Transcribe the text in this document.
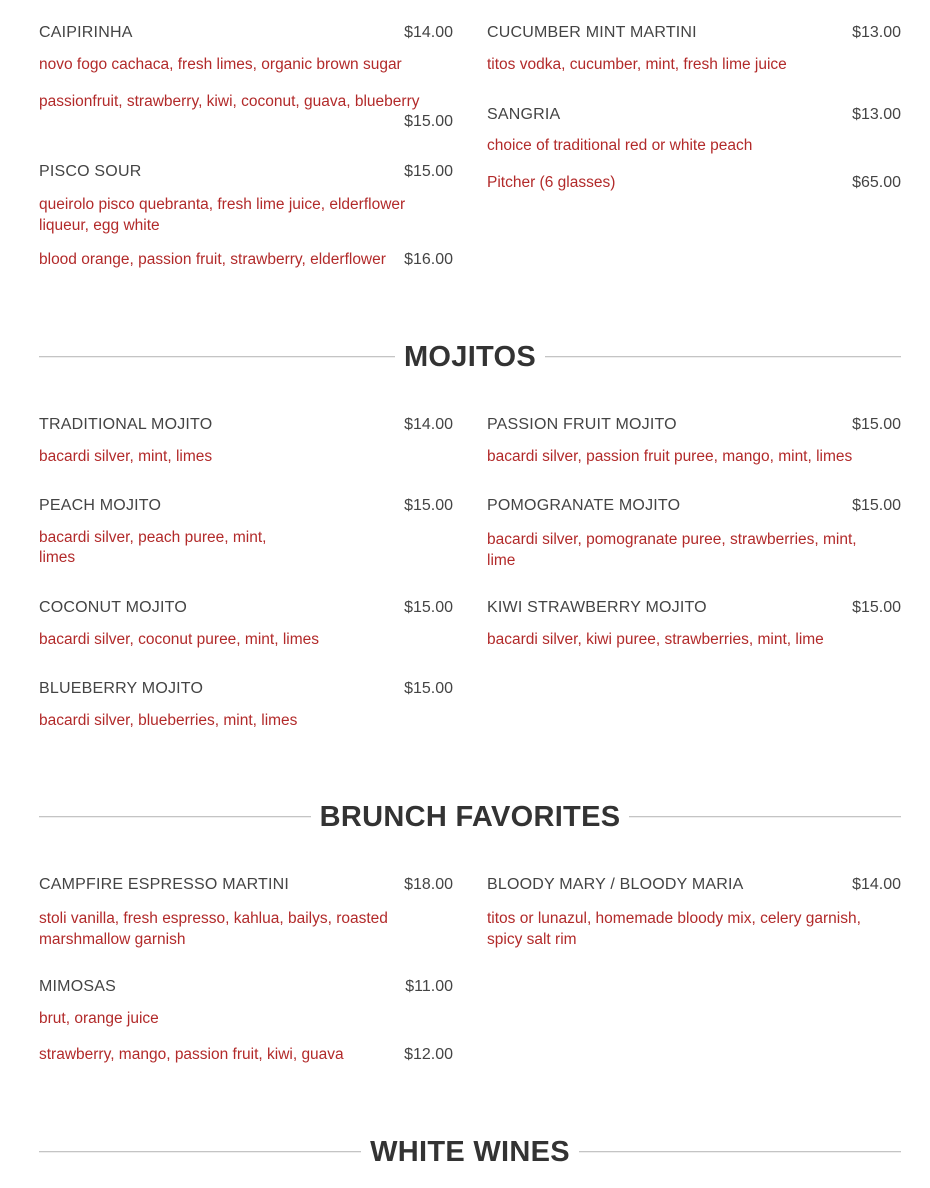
CAIPIRINHA	$14.00
novo fogo cachaca, fresh limes, organic brown sugar
passionfruit, strawberry, kiwi, coconut, guava, blueberry
$15.00
PISCO SOUR	$15.00
queirolo pisco quebranta, fresh lime juice, elderflower liqueur, egg white
blood orange, passion fruit, strawberry, elderflower	$16.00
CUCUMBER MINT MARTINI	$13.00
titos vodka, cucumber, mint, fresh lime juice
SANGRIA	$13.00
choice of traditional red or white peach
Pitcher (6 glasses)	$65.00
MOJITOS
TRADITIONAL MOJITO	$14.00
bacardi silver, mint, limes
PEACH MOJITO	$15.00
bacardi silver, peach puree, mint,
limes
COCONUT MOJITO	$15.00
bacardi silver, coconut puree, mint, limes
BLUEBERRY MOJITO	$15.00
bacardi silver, blueberries, mint, limes
PASSION FRUIT MOJITO	$15.00
bacardi silver, passion fruit puree, mango, mint, limes
POMOGRANATE MOJITO	$15.00
bacardi silver, pomogranate puree, strawberries, mint, lime
KIWI STRAWBERRY MOJITO	$15.00
bacardi silver, kiwi puree, strawberries, mint, lime
BRUNCH FAVORITES
CAMPFIRE ESPRESSO MARTINI	$18.00
stoli vanilla, fresh espresso, kahlua, bailys, roasted marshmallow garnish
MIMOSAS	$11.00
brut, orange juice
strawberry, mango, passion fruit, kiwi, guava	$12.00
BLOODY MARY / BLOODY MARIA	$14.00
titos or lunazul, homemade bloody mix, celery garnish, spicy salt rim
WHITE WINES
